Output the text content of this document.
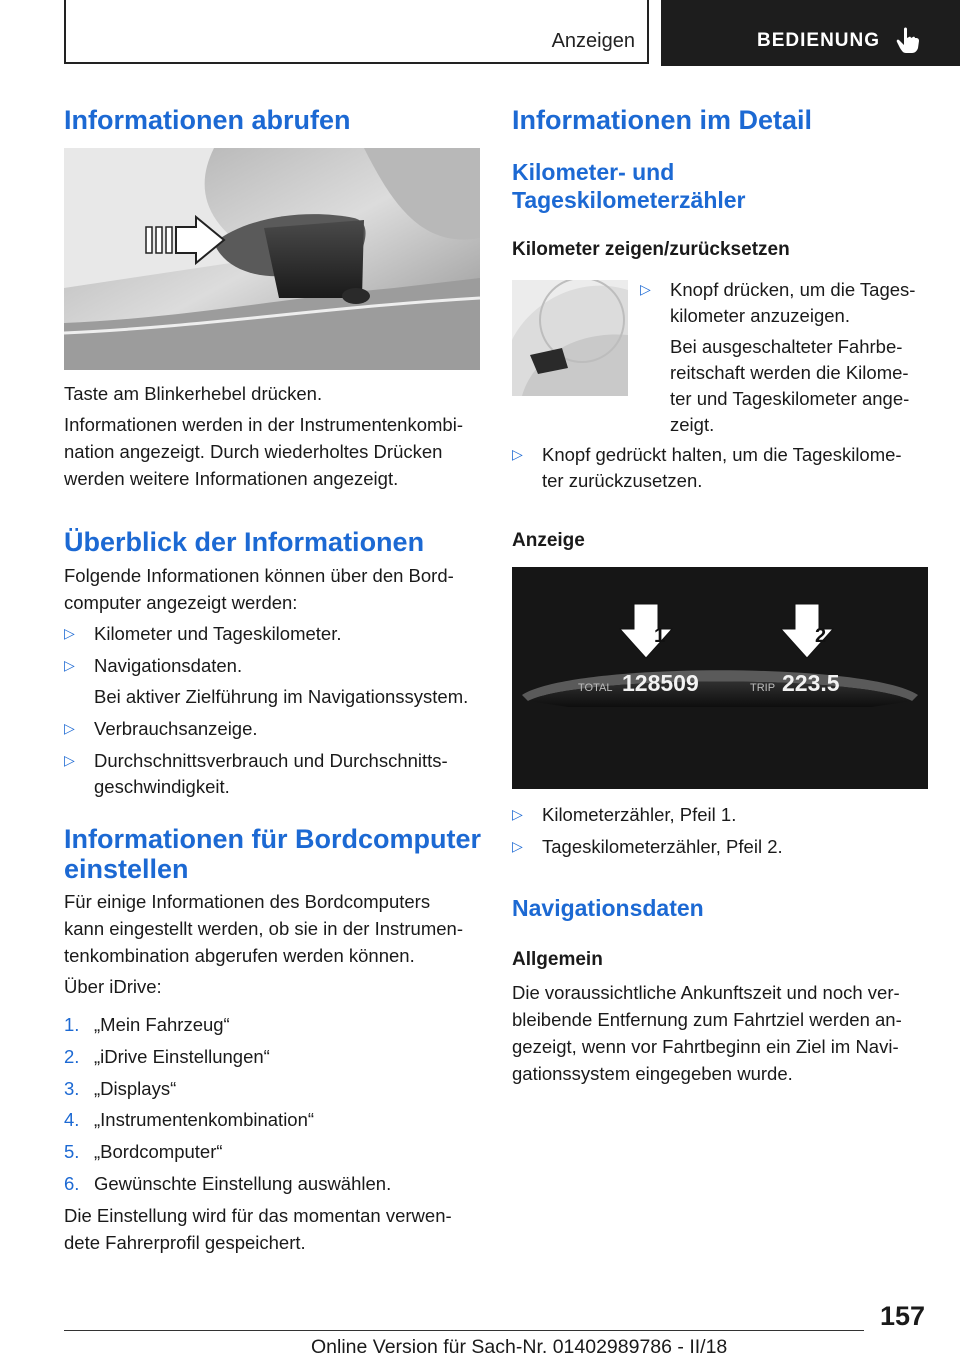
Anzeigen	BEDIENUNG
Informationen abrufen
Taste am Blinkerhebel drücken.
Informationen werden in der Instrumentenkombi-
nation angezeigt. Durch wiederholtes Drücken
werden weitere Informationen angezeigt.
Überblick der Informationen
Folgende Informationen können über den Bord-
computer angezeigt werden:
▷ Kilometer und Tageskilometer.
▷ Navigationsdaten.
Bei aktiver Zielführung im Navigationssystem.
▷ Verbrauchsanzeige.
▷ Durchschnittsverbrauch und Durchschnitts-
geschwindigkeit.
Informationen für Bordcomputer
einstellen
Für einige Informationen des Bordcomputers
kann eingestellt werden, ob sie in der Instrumen-
tenkombination abgerufen werden können.
Über iDrive:
1. „Mein Fahrzeug“
2. „iDrive Einstellungen“
3. „Displays“
4. „Instrumentenkombination“
5. „Bordcomputer“
6. Gewünschte Einstellung auswählen.
Die Einstellung wird für das momentan verwen-
dete Fahrerprofil gespeichert.
Informationen im Detail
Kilometer- und
Tageskilometerzähler
Kilometer zeigen/zurücksetzen
▷ Knopf drücken, um die Tages-
kilometer anzuzeigen.
Bei ausgeschalteter Fahrbe-
reitschaft werden die Kilome-
ter und Tageskilometer ange-
zeigt.
▷ Knopf gedrückt halten, um die Tageskilome-
ter zurückzusetzen.
Anzeige
1	2
TOTAL 128509	TRIP 223.5
▷ Kilometerzähler, Pfeil 1.
▷ Tageskilometerzähler, Pfeil 2.
Navigationsdaten
Allgemein
Die voraussichtliche Ankunftszeit und noch ver-
bleibende Entfernung zum Fahrtziel werden an-
gezeigt, wenn vor Fahrtbeginn ein Ziel im Navi-
gationssystem eingegeben wurde.
157
Online Version für Sach-Nr. 01402989786 - II/18
